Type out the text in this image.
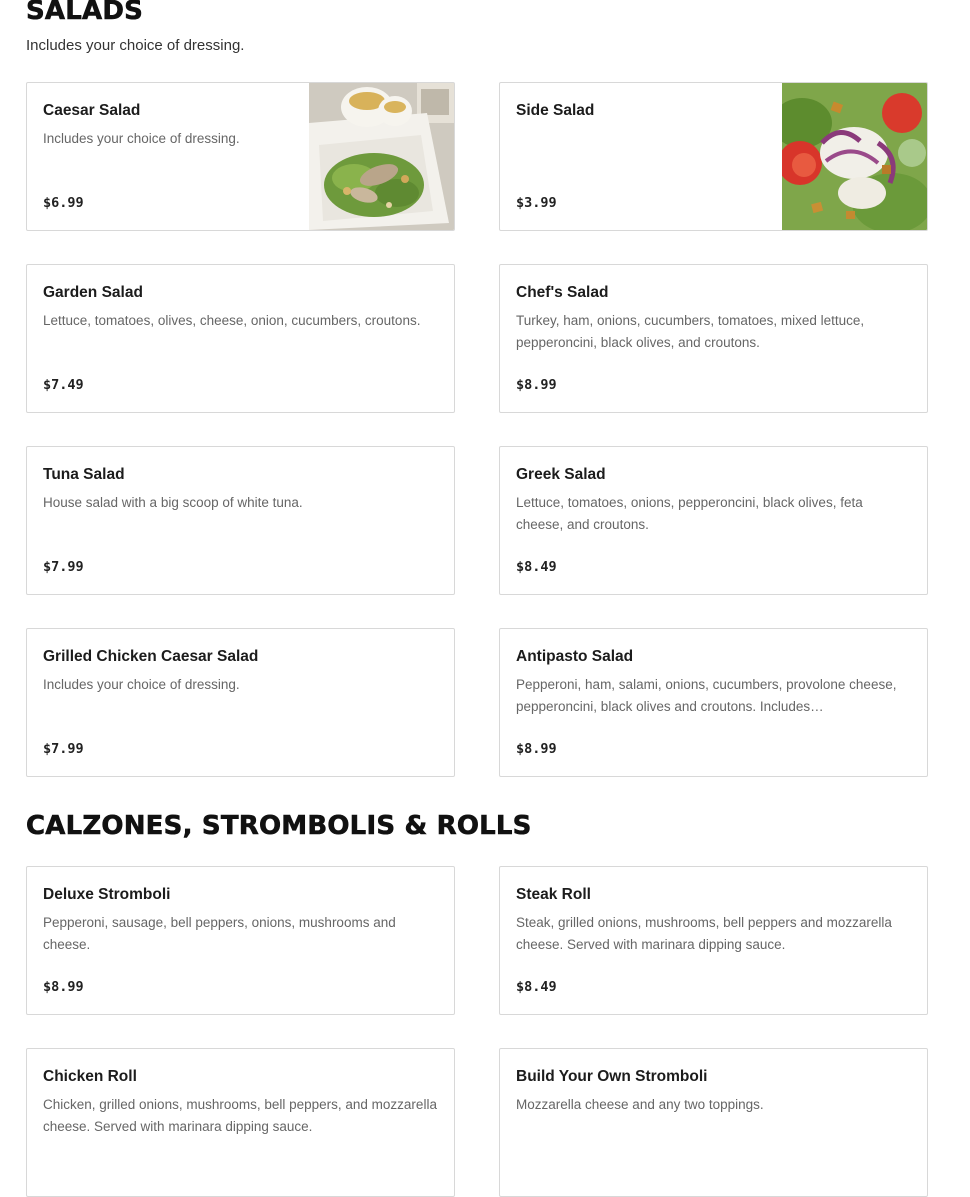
SALADS

Includes your choice of dressing.

Caesar Salad

Includes your choice of dressing.

$6.99

Side Salad

$3.99

Garden Salad

Lettuce, tomatoes, olives, cheese, onion, cucumbers, croutons.

$7.49

Chef's Salad

Turkey, ham, onions, cucumbers, tomatoes, mixed lettuce, pepperoncini, black olives, and croutons.

$8.99

Tuna Salad

House salad with a big scoop of white tuna.

$7.99

Greek Salad

Lettuce, tomatoes, onions, pepperoncini, black olives, feta cheese, and croutons.

$8.49

Grilled Chicken Caesar Salad

Includes your choice of dressing.

$7.99

Antipasto Salad

Pepperoni, ham, salami, onions, cucumbers, provolone cheese, pepperoncini, black olives and croutons. Includes…

$8.99

CALZONES, STROMBOLIS & ROLLS

Deluxe Stromboli

Pepperoni, sausage, bell peppers, onions, mushrooms and cheese.

$8.99

Steak Roll

Steak, grilled onions, mushrooms, bell peppers and mozzarella cheese. Served with marinara dipping sauce.

$8.49

Chicken Roll

Chicken, grilled onions, mushrooms, bell peppers, and mozzarella cheese. Served with marinara dipping sauce.

Build Your Own Stromboli

Mozzarella cheese and any two toppings.
